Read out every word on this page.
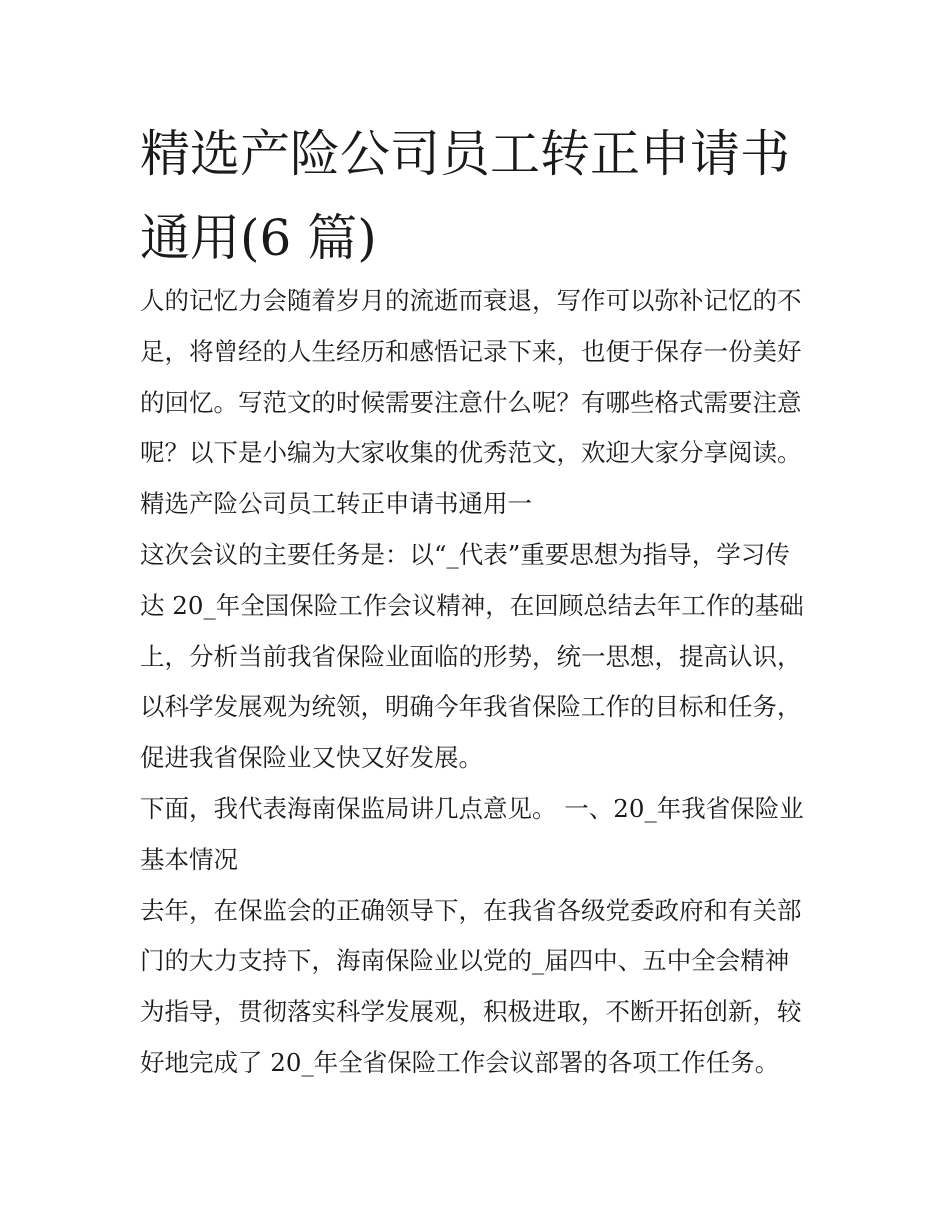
精选产险公司员工转正申请书
通用(6 篇)
人的记忆力会随着岁月的流逝而衰退，写作可以弥补记忆的不
足，将曾经的人生经历和感悟记录下来，也便于保存一份美好
的回忆。写范文的时候需要注意什么呢？有哪些格式需要注意
呢？以下是小编为大家收集的优秀范文，欢迎大家分享阅读。
精选产险公司员工转正申请书通用一
这次会议的主要任务是：以“_代表”重要思想为指导，学习传
达 20_年全国保险工作会议精神，在回顾总结去年工作的基础
上，分析当前我省保险业面临的形势，统一思想，提高认识，
以科学发展观为统领，明确今年我省保险工作的目标和任务，
促进我省保险业又快又好发展。
下面，我代表海南保监局讲几点意见。 一、20_年我省保险业
基本情况
去年，在保监会的正确领导下，在我省各级党委政府和有关部
门的大力支持下，海南保险业以党的_届四中、五中全会精神
为指导，贯彻落实科学发展观，积极进取，不断开拓创新，较
好地完成了 20_年全省保险工作会议部署的各项工作任务。
